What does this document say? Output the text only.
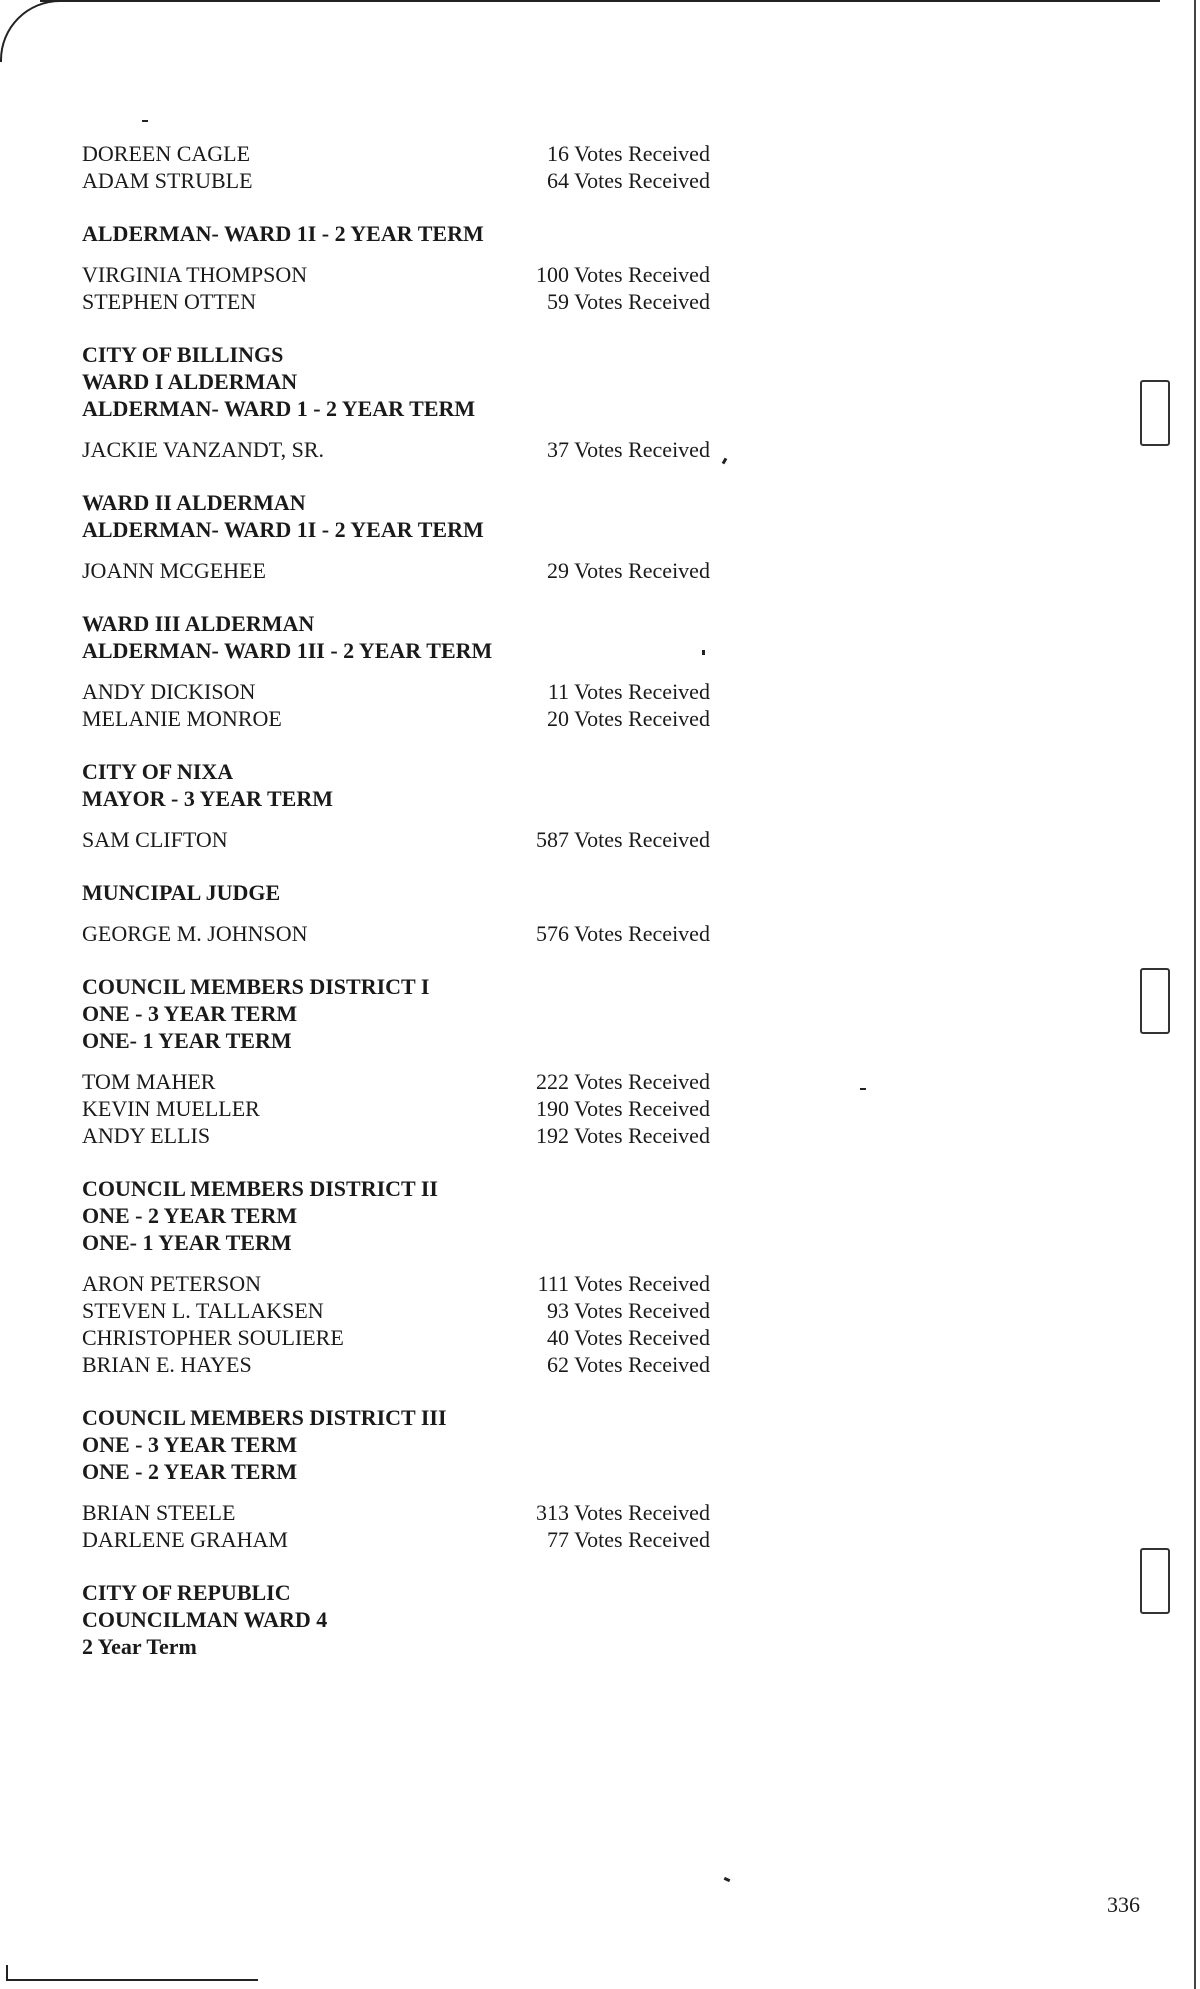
DOREEN CAGLE	16 Votes Received
ADAM STRUBLE	64 Votes Received
ALDERMAN- WARD 1I - 2 YEAR TERM
VIRGINIA THOMPSON	100 Votes Received
STEPHEN OTTEN	59 Votes Received
CITY OF BILLINGS
WARD I ALDERMAN
ALDERMAN- WARD 1 - 2 YEAR TERM
JACKIE VANZANDT, SR.	37 Votes Received
WARD II ALDERMAN
ALDERMAN- WARD 1I - 2 YEAR TERM
JOANN MCGEHEE	29 Votes Received
WARD III ALDERMAN
ALDERMAN- WARD 1II - 2 YEAR TERM
ANDY DICKISON	11 Votes Received
MELANIE MONROE	20 Votes Received
CITY OF NIXA
MAYOR - 3 YEAR TERM
SAM CLIFTON	587 Votes Received
MUNCIPAL JUDGE
GEORGE M. JOHNSON	576 Votes Received
COUNCIL MEMBERS DISTRICT I
ONE - 3 YEAR TERM
ONE- 1 YEAR TERM
TOM MAHER	222 Votes Received
KEVIN MUELLER	190 Votes Received
ANDY ELLIS	192 Votes Received
COUNCIL MEMBERS DISTRICT II
ONE - 2 YEAR TERM
ONE- 1 YEAR TERM
ARON PETERSON	111 Votes Received
STEVEN L. TALLAKSEN	93 Votes Received
CHRISTOPHER SOULIERE	40 Votes Received
BRIAN E. HAYES	62 Votes Received
COUNCIL MEMBERS DISTRICT III
ONE - 3 YEAR TERM
ONE - 2 YEAR TERM
BRIAN STEELE	313 Votes Received
DARLENE GRAHAM	77 Votes Received
CITY OF REPUBLIC
COUNCILMAN WARD 4
2 Year Term
336
